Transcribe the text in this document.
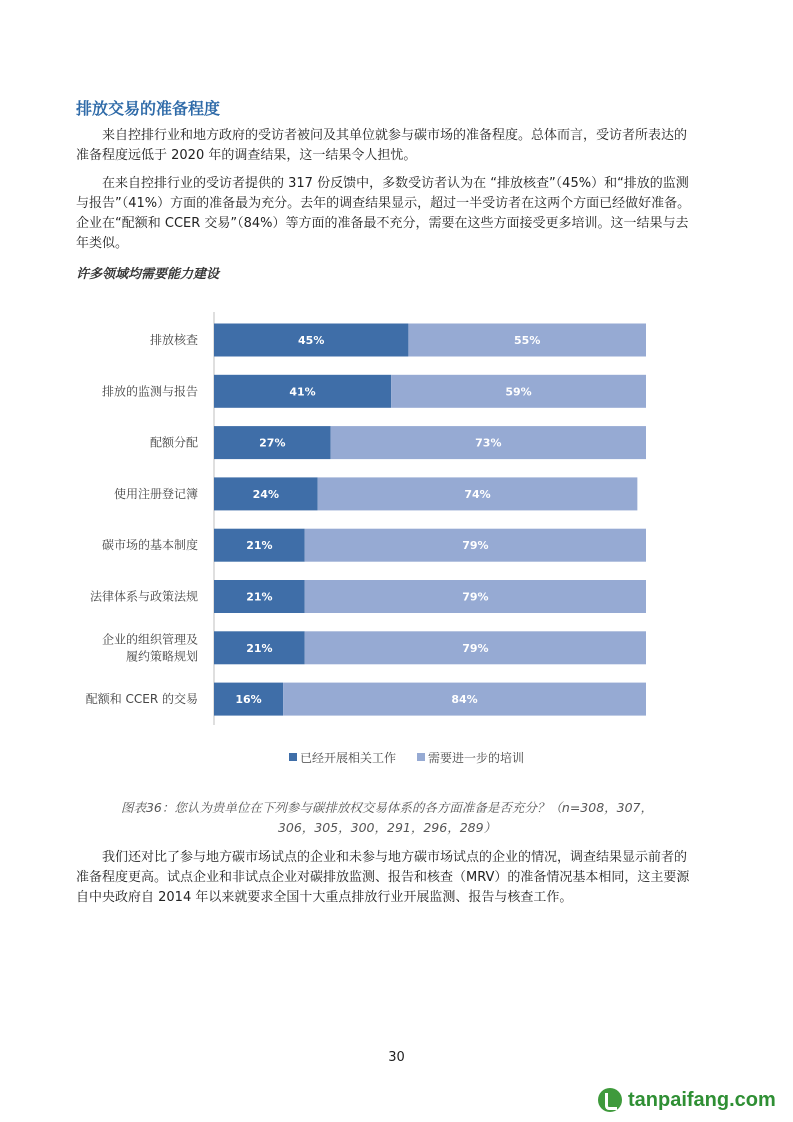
排放交易的准备程度

来自控排行业和地方政府的受访者被问及其单位就参与碳市场的准备程度。总体而言，受访者所表达的准备程度远低于 2020 年的调查结果，这一结果令人担忧。

在来自控排行业的受访者提供的 317 份反馈中，多数受访者认为在 “排放核查”（45%）和“排放的监测与报告”（41%）方面的准备最为充分。去年的调查结果显示，超过一半受访者在这两个方面已经做好准备。企业在“配额和 CCER 交易”（84%）等方面的准备最不充分，需要在这些方面接受更多培训。这一结果与去年类似。

许多领域均需要能力建设
45%	55%
排放核查
41%	59%
排放的监测与报告
27%	73%
配额分配
24%	74%
使用注册登记簿
21%	79%
碳市场的基本制度
21%	79%
法律体系与政策法规
21%	79%
企业的组织管理及
履约策略规划
16%	84%
配额和 CCER 的交易
已经开展相关工作	需要进一步的培训
图表36：您认为贵单位在下列参与碳排放权交易体系的各方面准备是否充分？（n=308，307，
306，305，300，291，296，289）

我们还对比了参与地方碳市场试点的企业和未参与地方碳市场试点的企业的情况，调查结果显示前者的准备程度更高。试点企业和非试点企业对碳排放监测、报告和核查（MRV）的准备情况基本相同，这主要源自中央政府自 2014 年以来就要求全国十大重点排放行业开展监测、报告与核查工作。

30
tanpaifang.com
